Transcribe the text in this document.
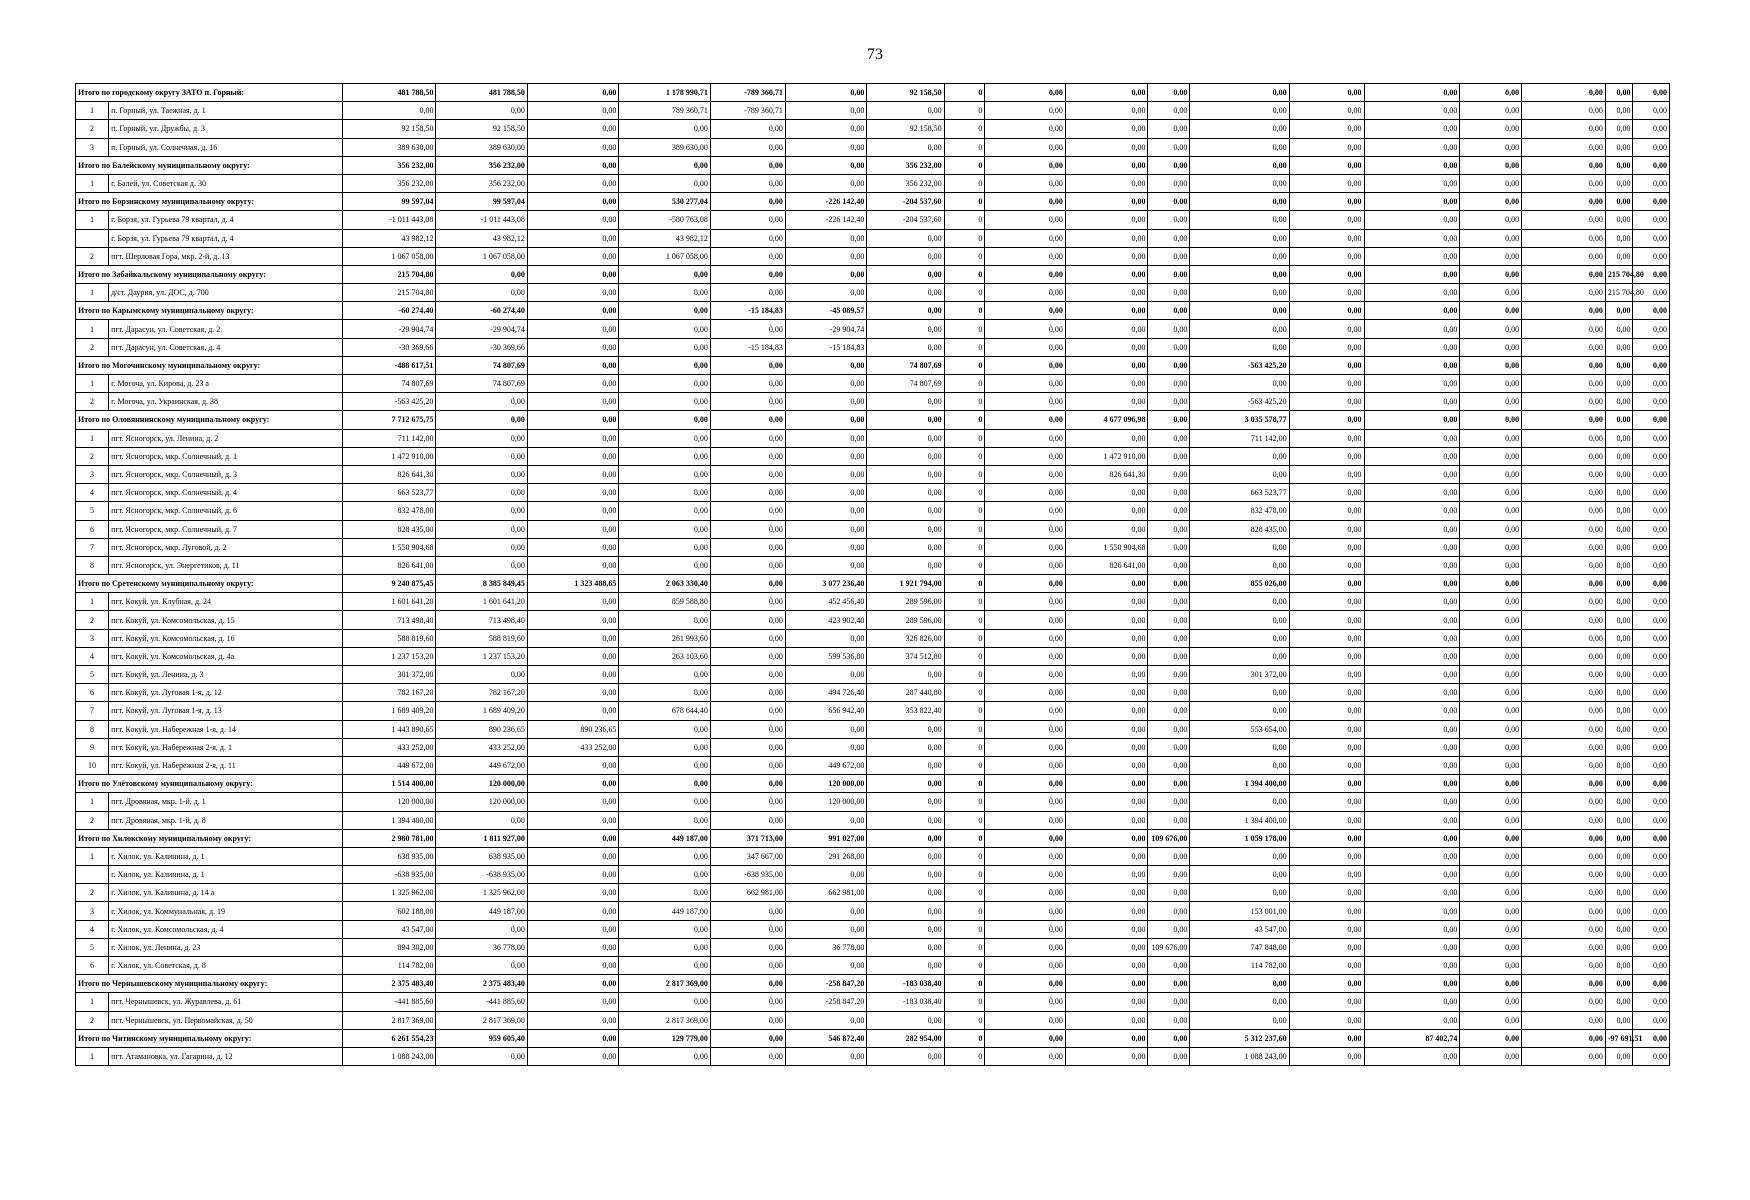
73
Итого по городскому округу ЗАТО п. Горный:		481 788,50	481 788,50	0,00	1 178 990,71	-789 360,71	0,00	92 158,50	0	0,00	0,00	0,00	0,00	0,00	0,00	0,00	0,00	0,00	0,00
1	п. Горный, ул. Таежная, д. 1	0,00	0,00	0,00	789 360,71	-789 360,71	0,00	0,00	0	0,00	0,00	0,00	0,00	0,00	0,00	0,00	0,00	0,00	0,00
2	п. Горный, ул. Дружбы, д. 3	92 158,50	92 158,50	0,00	0,00	0,00	0,00	92 158,50	0	0,00	0,00	0,00	0,00	0,00	0,00	0,00	0,00	0,00	0,00
3	п. Горный, ул. Солнечная, д. 16	389 630,00	389 630,00	0,00	389 630,00	0,00	0,00	0,00	0	0,00	0,00	0,00	0,00	0,00	0,00	0,00	0,00	0,00	0,00
Итого по Балейскому муниципальному округу:		356 232,00	356 232,00	0,00	0,00	0,00	0,00	356 232,00	0	0,00	0,00	0,00	0,00	0,00	0,00	0,00	0,00	0,00	0,00
1	г. Балей, ул. Советская д. 30	356 232,00	356 232,00	0,00	0,00	0,00	0,00	356 232,00	0	0,00	0,00	0,00	0,00	0,00	0,00	0,00	0,00	0,00	0,00
Итого по Борзинскому муниципальному округу:		99 597,04	99 597,04	0,00	530 277,04	0,00	-226 142,40	-204 537,60	0	0,00	0,00	0,00	0,00	0,00	0,00	0,00	0,00	0,00	0,00
1	г. Борзя, ул. Гурьева 79 квартал, д. 4	-1 011 443,08	-1 011 443,08	0,00	-580 763,08	0,00	-226 142,40	-204 537,60	0	0,00	0,00	0,00	0,00	0,00	0,00	0,00	0,00	0,00	0,00
	г. Борзя, ул. Гурьева 79 квартал, д. 4	43 982,12	43 982,12	0,00	43 982,12	0,00	0,00	0,00	0	0,00	0,00	0,00	0,00	0,00	0,00	0,00	0,00	0,00	0,00
2	пгт. Шерловая Гора, мкр. 2-й, д. 13	1 067 058,00	1 067 058,00	0,00	1 067 058,00	0,00	0,00	0,00	0	0,00	0,00	0,00	0,00	0,00	0,00	0,00	0,00	0,00	0,00
Итого по Забайкальскому муниципальному округу:		215 704,80	0,00	0,00	0,00	0,00	0,00	0,00	0	0,00	0,00	0,00	0,00	0,00	0,00	0,00	0,00	215 704,80	0,00
1	д/ст. Даурия, ул. ДОС, д. 700	215 704,80	0,00	0,00	0,00	0,00	0,00	0,00	0	0,00	0,00	0,00	0,00	0,00	0,00	0,00	0,00	215 704,80	0,00
Итого по Карымскому муниципальному округу:		-60 274,40	-60 274,40	0,00	0,00	-15 184,83	-45 089,57	0,00	0	0,00	0,00	0,00	0,00	0,00	0,00	0,00	0,00	0,00	0,00
1	пгт. Дарасун, ул. Советская, д. 2	-29 904,74	-29 904,74	0,00	0,00	0,00	-29 904,74	0,00	0	0,00	0,00	0,00	0,00	0,00	0,00	0,00	0,00	0,00	0,00
2	пгт. Дарасун, ул. Советская, д. 4	-30 369,66	-30 369,66	0,00	0,00	-15 184,83	-15 184,83	0,00	0	0,00	0,00	0,00	0,00	0,00	0,00	0,00	0,00	0,00	0,00
Итого по Могочинскому муниципальному округу:		-488 617,51	74 807,69	0,00	0,00	0,00	0,00	74 807,69	0	0,00	0,00	0,00	-563 425,20	0,00	0,00	0,00	0,00	0,00	0,00
1	г. Могоча, ул. Кирова, д. 23 а	74 807,69	74 807,69	0,00	0,00	0,00	0,00	74 807,69	0	0,00	0,00	0,00	0,00	0,00	0,00	0,00	0,00	0,00	0,00
2	г. Могоча, ул. Украинская, д. 38	-563 425,20	0,00	0,00	0,00	0,00	0,00	0,00	0	0,00	0,00	0,00	-563 425,20	0,00	0,00	0,00	0,00	0,00	0,00
Итого по Оловяннинскому муниципальному округу:		7 712 675,75	0,00	0,00	0,00	0,00	0,00	0,00	0	0,00	4 677 096,98	0,00	3 035 578,77	0,00	0,00	0,00	0,00	0,00	0,00
1	пгт. Ясногорск, ул. Ленина, д. 2	711 142,00	0,00	0,00	0,00	0,00	0,00	0,00	0	0,00	0,00	0,00	711 142,00	0,00	0,00	0,00	0,00	0,00	0,00
2	пгт. Ясногорск, мкр. Солнечный, д. 1	1 472 910,00	0,00	0,00	0,00	0,00	0,00	0,00	0	0,00	1 472 910,00	0,00	0,00	0,00	0,00	0,00	0,00	0,00	0,00
3	пгт. Ясногорск, мкр. Солнечный, д. 3	826 641,30	0,00	0,00	0,00	0,00	0,00	0,00	0	0,00	826 641,30	0,00	0,00	0,00	0,00	0,00	0,00	0,00	0,00
4	пгт. Ясногорск, мкр. Солнечный, д. 4	663 523,77	0,00	0,00	0,00	0,00	0,00	0,00	0	0,00	0,00	0,00	663 523,77	0,00	0,00	0,00	0,00	0,00	0,00
5	пгт. Ясногорск, мкр. Солнечный, д. 6	832 478,00	0,00	0,00	0,00	0,00	0,00	0,00	0	0,00	0,00	0,00	832 478,00	0,00	0,00	0,00	0,00	0,00	0,00
6	пгт. Ясногорск, мкр. Солнечный, д. 7	828 435,00	0,00	0,00	0,00	0,00	0,00	0,00	0	0,00	0,00	0,00	828 435,00	0,00	0,00	0,00	0,00	0,00	0,00
7	пгт. Ясногорск, мкр. Луговой, д. 2	1 550 904,68	0,00	0,00	0,00	0,00	0,00	0,00	0	0,00	1 550 904,68	0,00	0,00	0,00	0,00	0,00	0,00	0,00	0,00
8	пгт. Ясногорск, ул. Энергетиков, д. 11	826 641,00	0,00	0,00	0,00	0,00	0,00	0,00	0	0,00	826 641,00	0,00	0,00	0,00	0,00	0,00	0,00	0,00	0,00
Итого по Сретенскому муниципальному округу:		9 240 875,45	8 385 849,45	1 323 488,65	2 063 330,40	0,00	3 077 236,40	1 921 794,00	0	0,00	0,00	0,00	855 026,00	0,00	0,00	0,00	0,00	0,00	0,00
1	пгт. Кокуй, ул. Клубная, д. 24	1 601 641,20	1 601 641,20	0,00	859 588,80	0,00	452 456,40	289 596,00	0	0,00	0,00	0,00	0,00	0,00	0,00	0,00	0,00	0,00	0,00
2	пгт. Кокуй, ул. Комсомольская, д. 15	713 498,40	713 498,40	0,00	0,00	0,00	423 902,40	289 596,00	0	0,00	0,00	0,00	0,00	0,00	0,00	0,00	0,00	0,00	0,00
3	пгт. Кокуй, ул. Комсомольская, д. 16	588 819,60	588 819,60	0,00	261 993,60	0,00	0,00	326 826,00	0	0,00	0,00	0,00	0,00	0,00	0,00	0,00	0,00	0,00	0,00
4	пгт. Кокуй, ул. Комсомольская, д. 4а	1 237 153,20	1 237 153,20	0,00	263 103,60	0,00	599 536,80	374 512,80	0	0,00	0,00	0,00	0,00	0,00	0,00	0,00	0,00	0,00	0,00
5	пгт. Кокуй, ул. Ленина, д. 3	301 372,00	0,00	0,00	0,00	0,00	0,00	0,00	0	0,00	0,00	0,00	301 372,00	0,00	0,00	0,00	0,00	0,00	0,00
6	пгт. Кокуй, ул. Луговая 1-я, д. 12	782 167,20	782 167,20	0,00	0,00	0,00	494 726,40	287 440,80	0	0,00	0,00	0,00	0,00	0,00	0,00	0,00	0,00	0,00	0,00
7	пгт. Кокуй, ул. Луговая 1-я, д. 13	1 689 409,20	1 689 409,20	0,00	678 644,40	0,00	656 942,40	353 822,40	0	0,00	0,00	0,00	0,00	0,00	0,00	0,00	0,00	0,00	0,00
8	пгт. Кокуй, ул. Набережная 1-я, д. 14	1 443 890,65	890 236,65	890 236,65	0,00	0,00	0,00	0,00	0	0,00	0,00	0,00	553 654,00	0,00	0,00	0,00	0,00	0,00	0,00
9	пгт. Кокуй, ул. Набережная 2-я, д. 1	433 252,00	433 252,00	433 252,00	0,00	0,00	0,00	0,00	0	0,00	0,00	0,00	0,00	0,00	0,00	0,00	0,00	0,00	0,00
10	пгт. Кокуй, ул. Набережная 2-я, д. 11	449 672,00	449 672,00	0,00	0,00	0,00	449 672,00	0,00	0	0,00	0,00	0,00	0,00	0,00	0,00	0,00	0,00	0,00	0,00
Итого по Улётовскому муниципальному округу:		1 514 400,00	120 000,00	0,00	0,00	0,00	120 000,00	0,00	0	0,00	0,00	0,00	1 394 400,00	0,00	0,00	0,00	0,00	0,00	0,00
1	пгт. Дровяная, мкр. 1-й, д. 1	120 000,00	120 000,00	0,00	0,00	0,00	120 000,00	0,00	0	0,00	0,00	0,00	0,00	0,00	0,00	0,00	0,00	0,00	0,00
2	пгт. Дровяная, мкр. 1-й, д. 8	1 394 400,00	0,00	0,00	0,00	0,00	0,00	0,00	0	0,00	0,00	0,00	1 394 400,00	0,00	0,00	0,00	0,00	0,00	0,00
Итого по Хилокскому муниципальному округу:		2 980 781,00	1 811 927,00	0,00	449 187,00	371 713,00	991 027,00	0,00	0	0,00	0,00	109 676,00	1 059 178,00	0,00	0,00	0,00	0,00	0,00	0,00
1	г. Хилок, ул. Калинина, д. 1	638 935,00	638 935,00	0,00	0,00	347 667,00	291 268,00	0,00	0	0,00	0,00	0,00	0,00	0,00	0,00	0,00	0,00	0,00	0,00
	г. Хилок, ул. Калинина, д. 1	-638 935,00	-638 935,00	0,00	0,00	-638 935,00	0,00	0,00	0	0,00	0,00	0,00	0,00	0,00	0,00	0,00	0,00	0,00	0,00
2	г. Хилок, ул. Калинина, д. 14 а	1 325 962,00	1 325 962,00	0,00	0,00	662 981,00	662 981,00	0,00	0	0,00	0,00	0,00	0,00	0,00	0,00	0,00	0,00	0,00	0,00
3	г. Хилок, ул. Коммунальная, д. 19	602 188,00	449 187,00	0,00	449 187,00	0,00	0,00	0,00	0	0,00	0,00	0,00	153 001,00	0,00	0,00	0,00	0,00	0,00	0,00
4	г. Хилок, ул. Комсомольская, д. 4	43 547,00	0,00	0,00	0,00	0,00	0,00	0,00	0	0,00	0,00	0,00	43 547,00	0,00	0,00	0,00	0,00	0,00	0,00
5	г. Хилок, ул. Ленина, д. 23	894 302,00	36 778,00	0,00	0,00	0,00	36 778,00	0,00	0	0,00	0,00	109 676,00	747 848,00	0,00	0,00	0,00	0,00	0,00	0,00
6	г. Хилок, ул. Советская, д. 8	114 782,00	0,00	0,00	0,00	0,00	0,00	0,00	0	0,00	0,00	0,00	114 782,00	0,00	0,00	0,00	0,00	0,00	0,00
Итого по Чернышевскому муниципальному округу:		2 375 483,40	2 375 483,40	0,00	2 817 369,00	0,00	-258 847,20	-183 038,40	0	0,00	0,00	0,00	0,00	0,00	0,00	0,00	0,00	0,00	0,00
1	пгт. Чернышевск, ул. Журавлева, д. 61	-441 885,60	-441 885,60	0,00	0,00	0,00	-258 847,20	-183 038,40	0	0,00	0,00	0,00	0,00	0,00	0,00	0,00	0,00	0,00	0,00
2	пгт. Чернышевск, ул. Первомайская, д. 50	2 817 369,00	2 817 369,00	0,00	2 817 369,00	0,00	0,00	0,00	0	0,00	0,00	0,00	0,00	0,00	0,00	0,00	0,00	0,00	0,00
Итого по Читинскому муниципальному округу:		6 261 554,23	959 605,40	0,00	129 779,00	0,00	546 872,40	282 954,00	0	0,00	0,00	0,00	5 312 237,60	0,00	87 402,74	0,00	0,00	-97 691,51	0,00
1	пгт. Атамановка, ул. Гагарина, д. 12	1 088 243,00	0,00	0,00	0,00	0,00	0,00	0,00	0	0,00	0,00	0,00	1 088 243,00	0,00	0,00	0,00	0,00	0,00	0,00
